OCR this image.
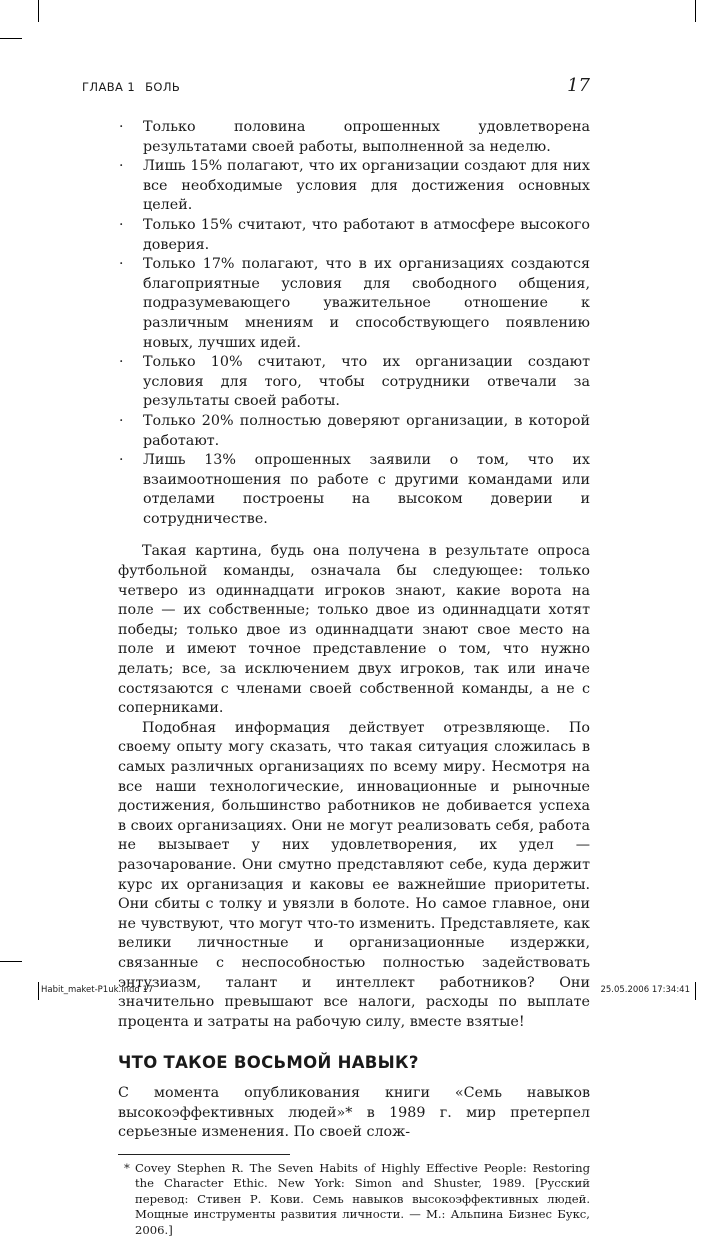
ГЛАВА 1 БОЛЬ	17
· Только половина опрошенных удовлетворена результатами своей работы, выполненной за неделю.
· Лишь 15% полагают, что их организации создают для них все необходимые условия для достижения основных целей.
· Только 15% считают, что работают в атмосфере высокого доверия.
· Только 17% полагают, что в их организациях создаются благоприятные условия для свободного общения, подразумевающего уважительное отношение к различным мнениям и способствующего появлению новых, лучших идей.
· Только 10% считают, что их организации создают условия для того, чтобы сотрудники отвечали за результаты своей работы.
· Только 20% полностью доверяют организации, в которой работают.
· Лишь 13% опрошенных заявили о том, что их взаимоотношения по работе с другими командами или отделами построены на высоком доверии и сотрудничестве.

Такая картина, будь она получена в результате опроса футбольной команды, означала бы следующее: только четверо из одиннадцати игроков знают, какие ворота на поле — их собственные; только двое из одиннадцати хотят победы; только двое из одиннадцати знают свое место на поле и имеют точное представление о том, что нужно делать; все, за исключением двух игроков, так или иначе состязаются с членами своей собственной команды, а не с соперниками.

Подобная информация действует отрезвляюще. По своему опыту могу сказать, что такая ситуация сложилась в самых различных организациях по всему миру. Несмотря на все наши технологические, инновационные и рыночные достижения, большинство работников не добивается успеха в своих организациях. Они не могут реализовать себя, работа не вызывает у них удовлетворения, их удел — разочарование. Они смутно представляют себе, куда держит курс их организация и каковы ее важнейшие приоритеты. Они сбиты с толку и увязли в болоте. Но самое главное, они не чувствуют, что могут что-то изменить. Представляете, как велики личностные и организационные издержки, связанные с неспособностью полностью задействовать энтузиазм, талант и интеллект работников? Они значительно превышают все налоги, расходы по выплате процента и затраты на рабочую силу, вместе взятые!

ЧТО ТАКОЕ ВОСЬМОЙ НАВЫК?

С момента опубликования книги «Семь навыков высокоэффективных людей»* в 1989 г. мир претерпел серьезные изменения. По своей слож-

* Covey Stephen R. The Seven Habits of Highly Effective People: Restoring the Character Ethic. New York: Simon and Shuster, 1989. [Русский перевод: Стивен Р. Кови. Семь навыков высокоэффективных людей. Мощные инструменты развития личности. — М.: Альпина Бизнес Букс, 2006.]
Habit_maket-P1uk.indd 17	25.05.2006 17:34:41
